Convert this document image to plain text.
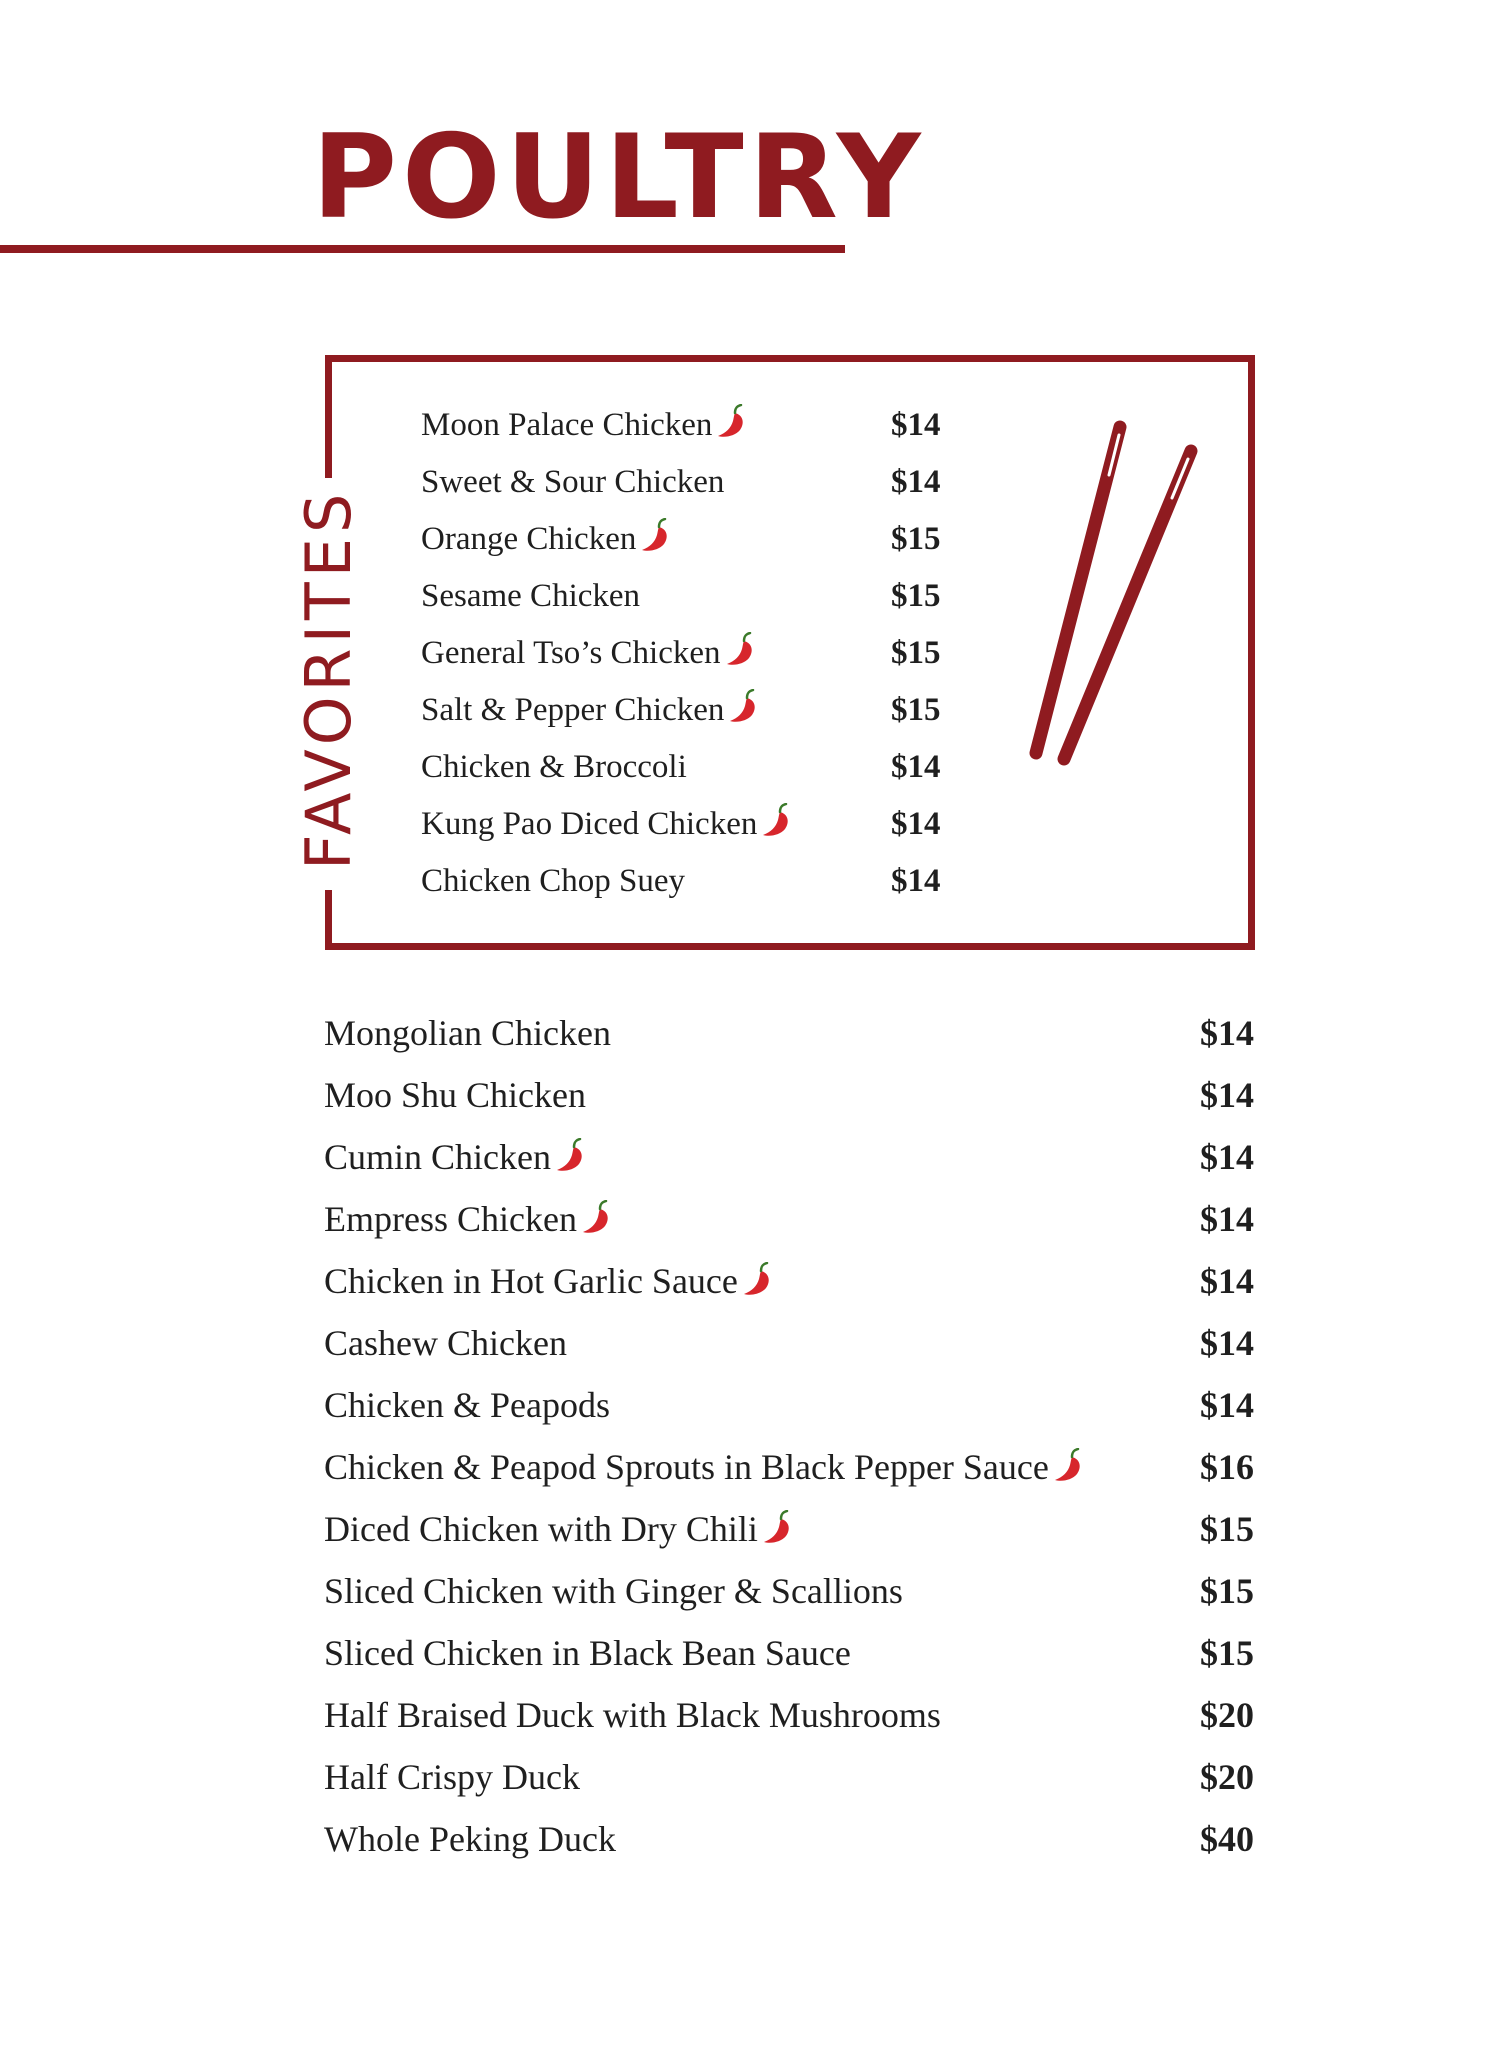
POULTRY
FAVORITES
Moon Palace Chicken	$14
Sweet & Sour Chicken	$14
Orange Chicken	$15
Sesame Chicken	$15
General Tso’s Chicken	$15
Salt & Pepper Chicken	$15
Chicken & Broccoli	$14
Kung Pao Diced Chicken	$14
Chicken Chop Suey	$14
Mongolian Chicken	$14
Moo Shu Chicken	$14
Cumin Chicken	$14
Empress Chicken	$14
Chicken in Hot Garlic Sauce	$14
Cashew Chicken	$14
Chicken & Peapods	$14
Chicken & Peapod Sprouts in Black Pepper Sauce	$16
Diced Chicken with Dry Chili	$15
Sliced Chicken with Ginger & Scallions	$15
Sliced Chicken in Black Bean Sauce	$15
Half Braised Duck with Black Mushrooms	$20
Half Crispy Duck	$20
Whole Peking Duck	$40
